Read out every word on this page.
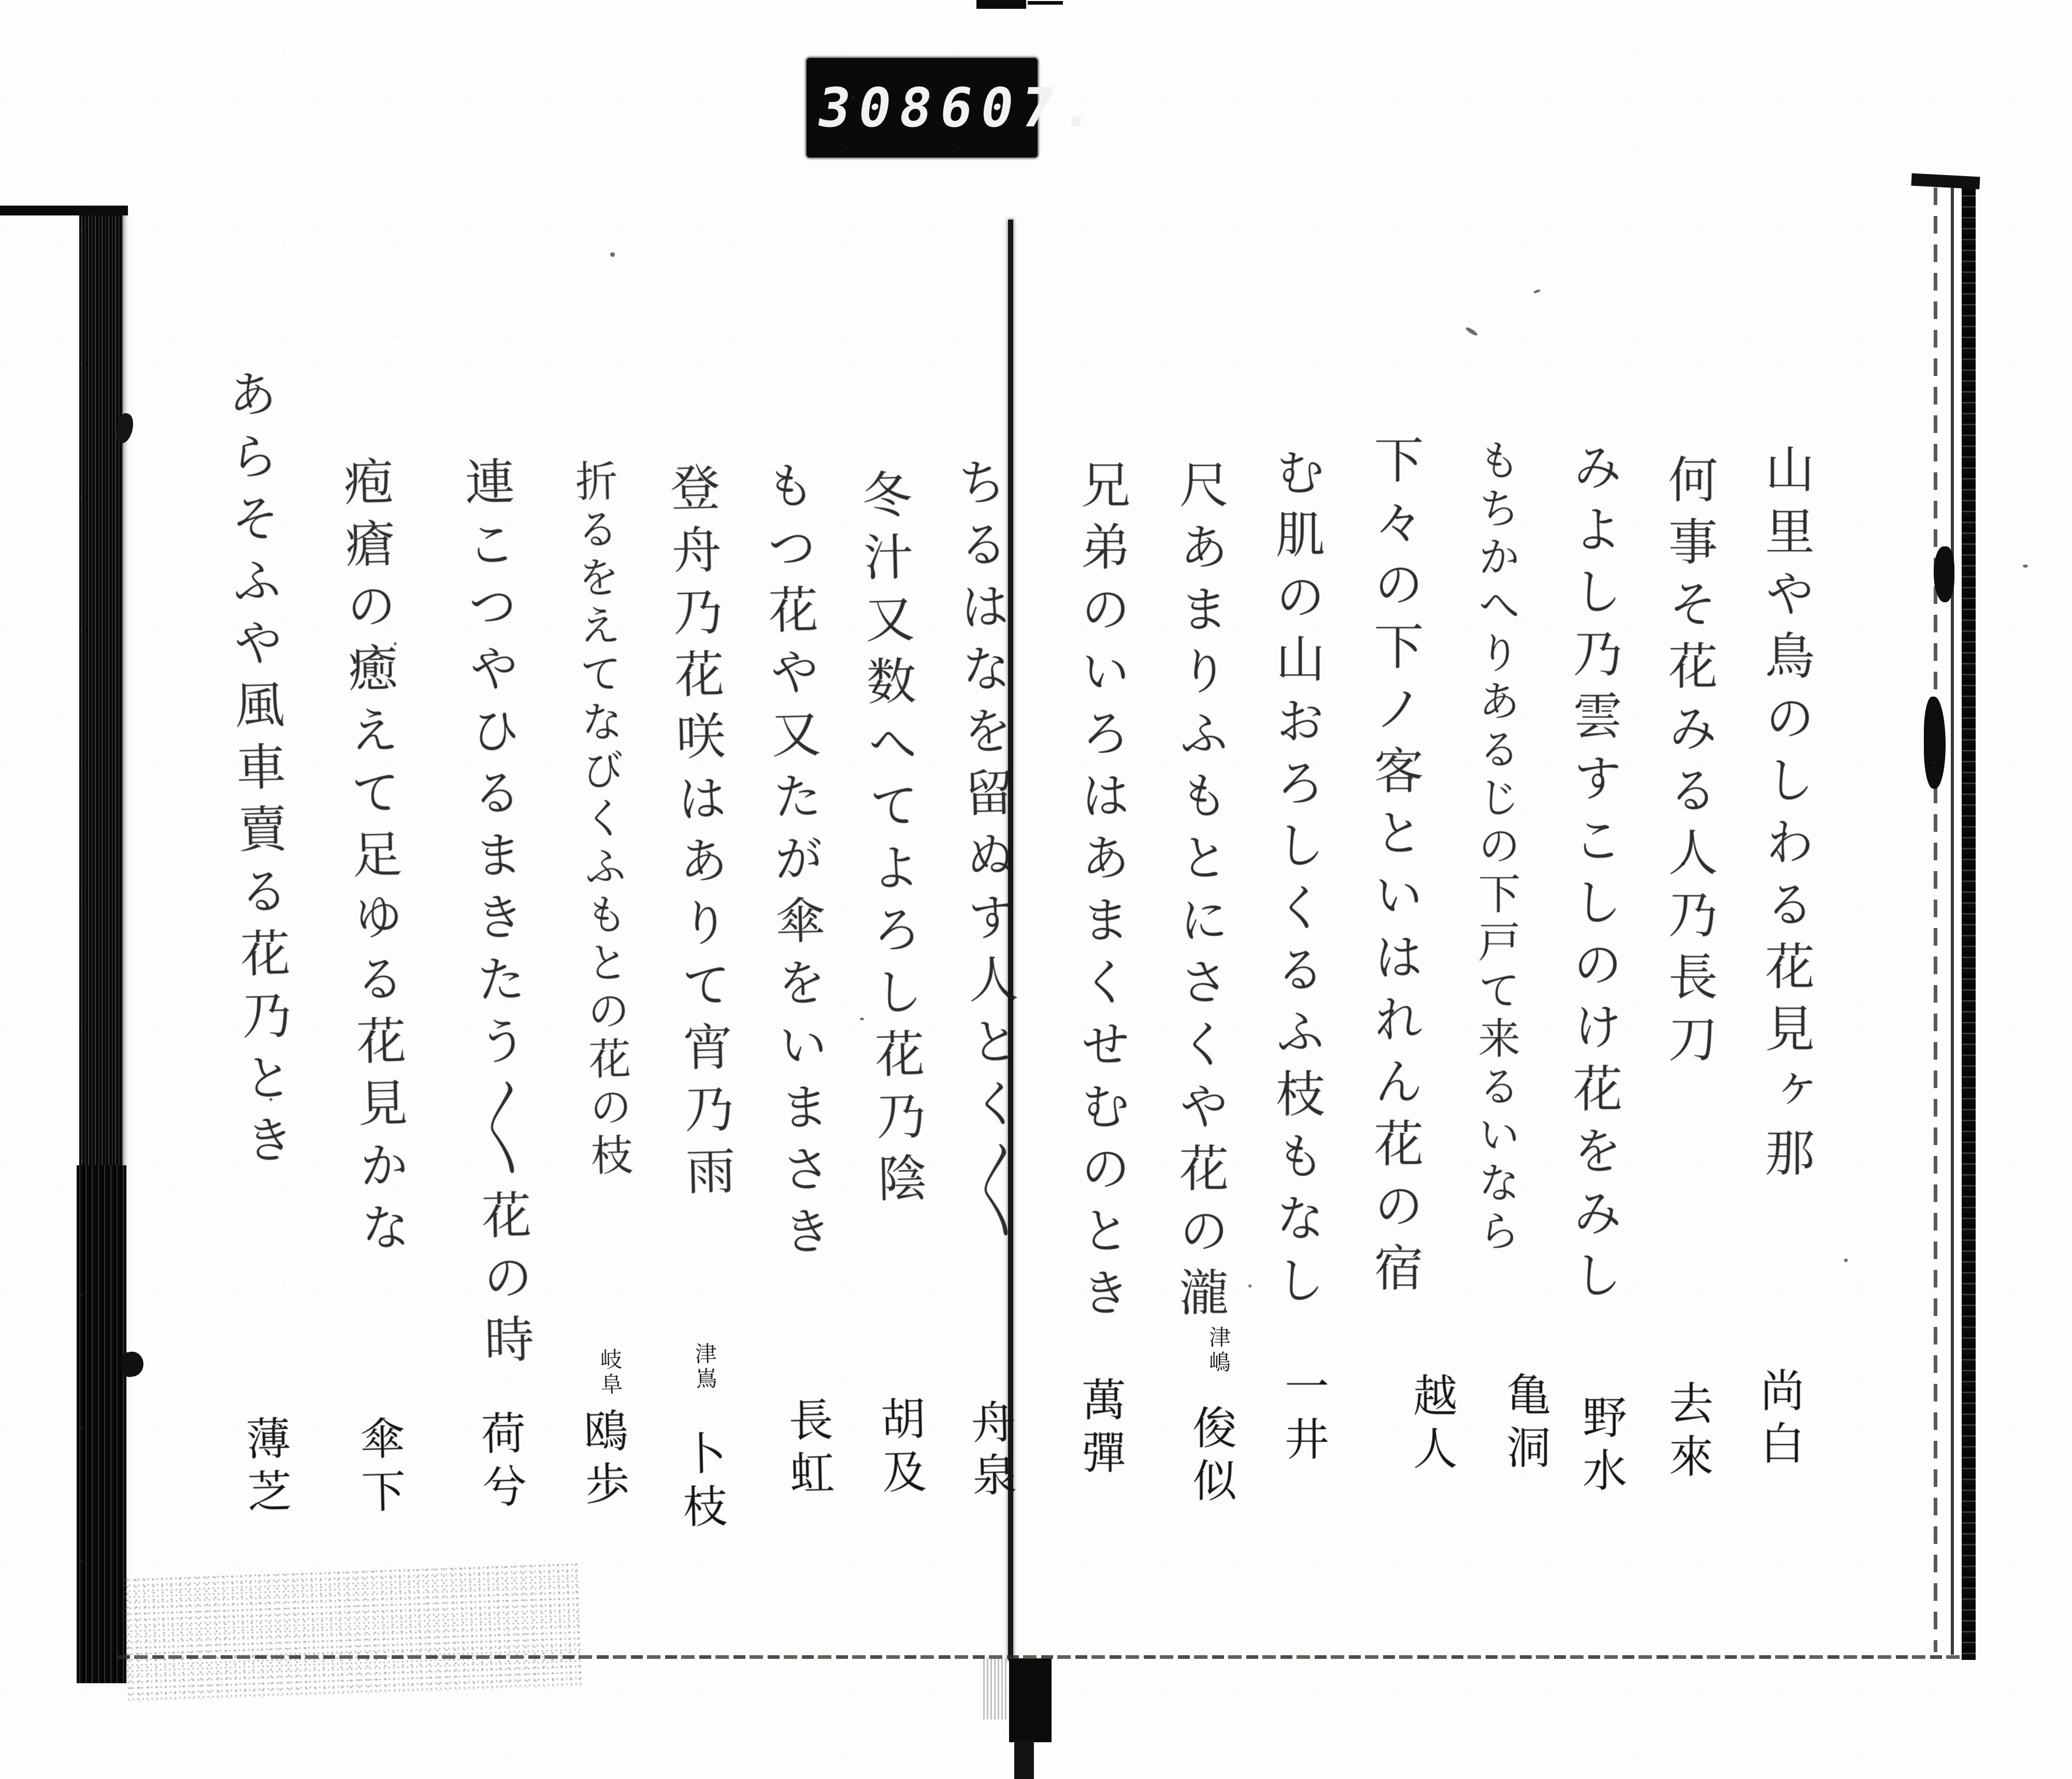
308
607.
山里や鳥のしわる花見ヶ那
何事そ花みる人乃長刀
みよし乃雲すこしのけ花をみし
もちかへりあるじの下戸て来るいなら
下々の下ノ客といはれん花の宿
む肌の山おろしくるふ枝もなし
尺あまりふもとにさくや花の瀧
兄弟のいろはあまくせむのとき
尚白
去來
野水
亀洞
越人
一井
津嶋
俊似
萬彈
ちるはなを留ぬす人とく〱
冬汁又数へてよろし花乃陰
もつ花や又たが傘をいまさき
登舟乃花咲はありて宵乃雨
折るをえてなびくふもとの花の枝
連こつやひるまきたう〱花の時
疱瘡の癒えて足ゆる花見かな
あらそふや風車賣る花乃とき
舟泉
胡及
長虹
津嶌
卜枝
岐阜
鴎歩
荷兮
傘下
薄芝
